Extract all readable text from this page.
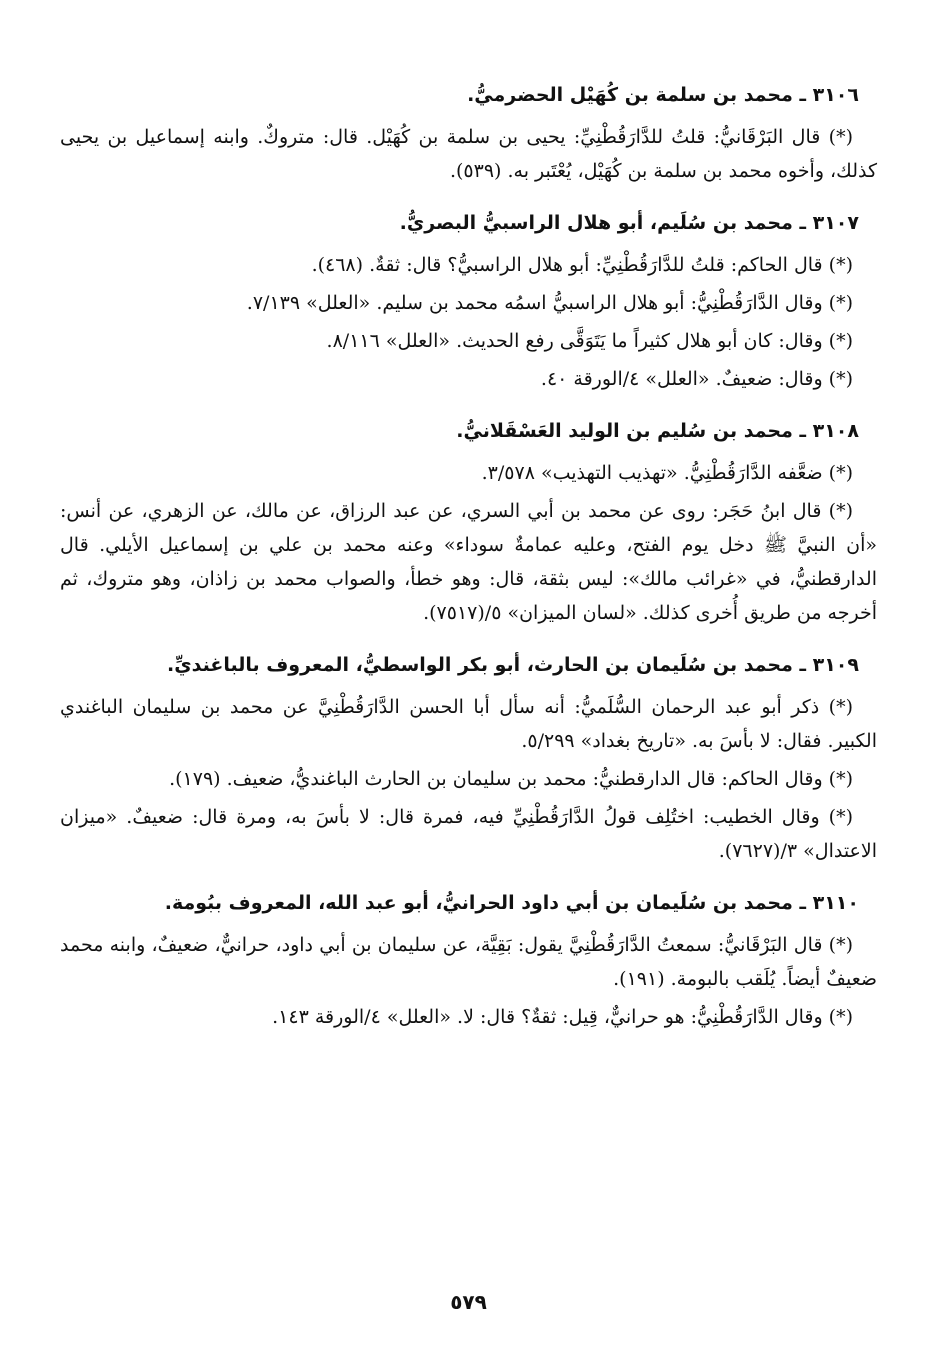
٣١٠٦ ـ محمد بن سلمة بن كُهَيْل الحضرميُّ.

(*) قال البَرْقَانيُّ: قلتُ للدَّارَقُطْنِيِّ: يحيى بن سلمة بن كُهَيْل. قال: متروكٌ. وابنه إسماعيل بن يحيى كذلك، وأخوه محمد بن سلمة بن كُهَيْل، يُعْتَبر به. (٥٣٩).

٣١٠٧ ـ محمد بن سُلَيم، أبو هلال الراسبيُّ البصريُّ.

(*) قال الحاكم: قلتُ للدَّارَقُطْنِيِّ: أبو هلال الراسبيُّ؟ قال: ثقةٌ. (٤٦٨).

(*) وقال الدَّارَقُطْنِيُّ: أبو هلال الراسبيُّ اسمُه محمد بن سليم. «العلل» ٧/١٣٩.

(*) وقال: كان أبو هلال كثيراً ما يَتَوَقَّى رفع الحديث. «العلل» ٨/١١٦.

(*) وقال: ضعيفٌ. «العلل» ٤/الورقة ٤٠.

٣١٠٨ ـ محمد بن سُليم بن الوليد العَسْقَلانيُّ.

(*) ضعَّفه الدَّارَقُطْنِيُّ. «تهذيب التهذيب» ٣/٥٧٨.

(*) قال ابنُ حَجَر: روى عن محمد بن أبي السري، عن عبد الرزاق، عن مالك، عن الزهري، عن أنس: «أن النبيَّ ﷺ دخل يوم الفتح، وعليه عمامةٌ سوداء» وعنه محمد بن علي بن إسماعيل الأيلي. قال الدارقطنيُّ، في «غرائب مالك»: ليس بثقة، قال: وهو خطأ، والصواب محمد بن زاذان، وهو متروك، ثم أخرجه من طريق أُخرى كذلك. «لسان الميزان» ٥/(٧٥١٧).

٣١٠٩ ـ محمد بن سُلَيمان بن الحارث، أبو بكر الواسطيُّ، المعروف بالباغنديِّ.

(*) ذكر أبو عبد الرحمان السُّلَميُّ: أنه سأل أبا الحسن الدَّارَقُطْنِيَّ عن محمد بن سليمان الباغندي الكبير. فقال: لا بأسَ به. «تاريخ بغداد» ٥/٢٩٩.

(*) وقال الحاكم: قال الدارقطنيُّ: محمد بن سليمان بن الحارث الباغنديُّ، ضعيف. (١٧٩).

(*) وقال الخطيب: اختُلِف قولُ الدَّارَقُطْنِيِّ فيه، فمرة قال: لا بأسَ به، ومرة قال: ضعيفٌ. «ميزان الاعتدال» ٣/(٧٦٢٧).

٣١١٠ ـ محمد بن سُلَيمان بن أبي داود الحرانيُّ، أبو عبد الله، المعروف ببُومة.

(*) قال البَرْقَانيُّ: سمعتُ الدَّارَقُطْنِيَّ يقول: بَقِيَّة، عن سليمان بن أبي داود، حرانيٌّ، ضعيفٌ، وابنه محمد ضعيفٌ أيضاً. يُلَقب بالبومة. (١٩١).

(*) وقال الدَّارَقُطْنِيُّ: هو حرانيٌّ، قِيل: ثقةٌ؟ قال: لا. «العلل» ٤/الورقة ١٤٣.

٥٧٩
